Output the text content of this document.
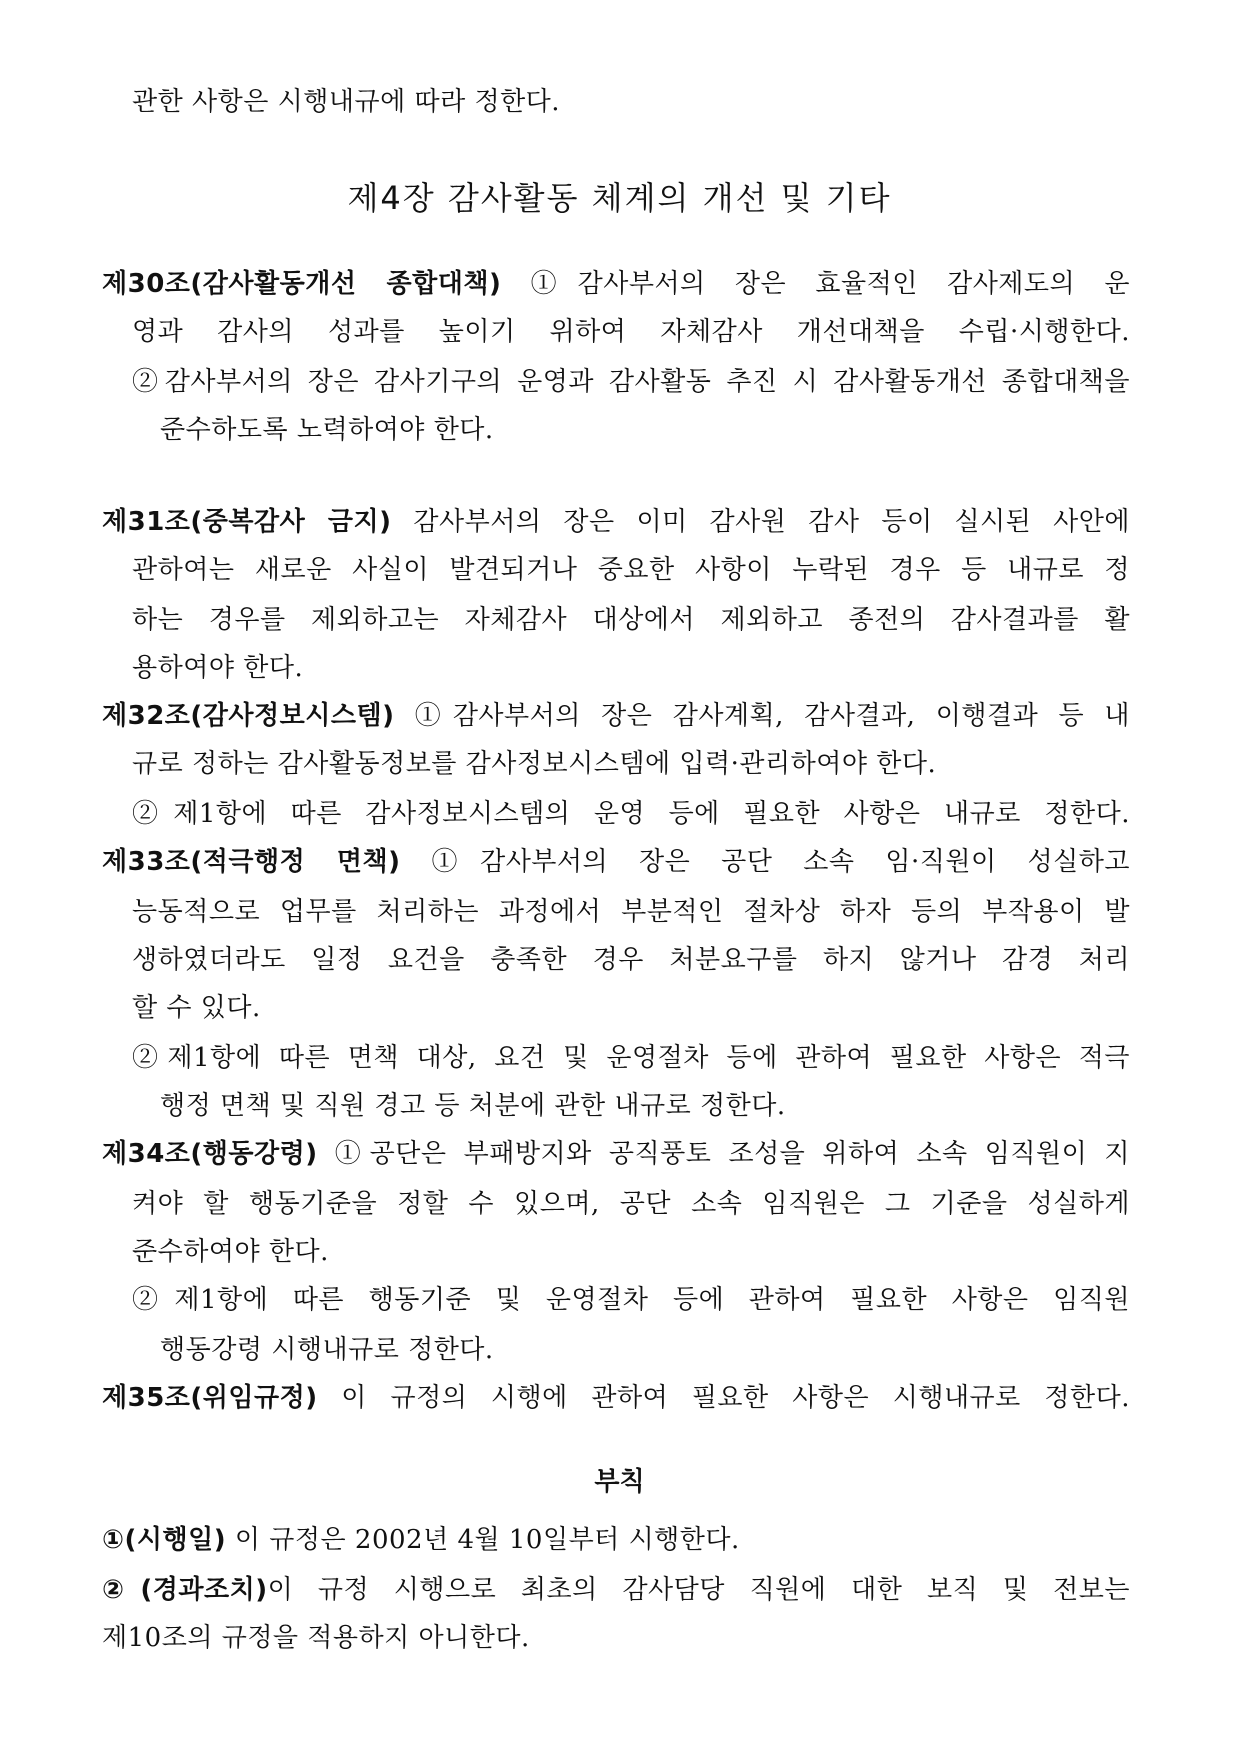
관한 사항은 시행내규에 따라 정한다.
제4장 감사활동 체계의 개선 및 기타
제30조(감사활동개선 종합대책) ①감사부서의 장은 효율적인 감사제도의 운
영과 감사의 성과를 높이기 위하여 자체감사 개선대책을 수립·시행한다.
②감사부서의 장은 감사기구의 운영과 감사활동 추진 시 감사활동개선 종합대책을
준수하도록 노력하여야 한다.
제31조(중복감사 금지) 감사부서의 장은 이미 감사원 감사 등이 실시된 사안에
관하여는 새로운 사실이 발견되거나 중요한 사항이 누락된 경우 등 내규로 정
하는 경우를 제외하고는 자체감사 대상에서 제외하고 종전의 감사결과를 활
용하여야 한다.
제32조(감사정보시스템) ①감사부서의 장은 감사계획, 감사결과, 이행결과 등 내
규로 정하는 감사활동정보를 감사정보시스템에 입력·관리하여야 한다.
②제1항에 따른 감사정보시스템의 운영 등에 필요한 사항은 내규로 정한다.
제33조(적극행정 면책) ①감사부서의 장은 공단 소속 임·직원이 성실하고
능동적으로 업무를 처리하는 과정에서 부분적인 절차상 하자 등의 부작용이 발
생하였더라도 일정 요건을 충족한 경우 처분요구를 하지 않거나 감경 처리
할 수 있다.
②제1항에 따른 면책 대상, 요건 및 운영절차 등에 관하여 필요한 사항은 적극
행정 면책 및 직원 경고 등 처분에 관한 내규로 정한다.
제34조(행동강령) ①공단은 부패방지와 공직풍토 조성을 위하여 소속 임직원이 지
켜야 할 행동기준을 정할 수 있으며, 공단 소속 임직원은 그 기준을 성실하게
준수하여야 한다.
②제1항에 따른 행동기준 및 운영절차 등에 관하여 필요한 사항은 임직원
행동강령 시행내규로 정한다.
제35조(위임규정) 이 규정의 시행에 관하여 필요한 사항은 시행내규로 정한다.
부칙
①(시행일) 이 규정은 2002년 4월 10일부터 시행한다.
②(경과조치)이 규정 시행으로 최초의 감사담당 직원에 대한 보직 및 전보는
제10조의 규정을 적용하지 아니한다.
